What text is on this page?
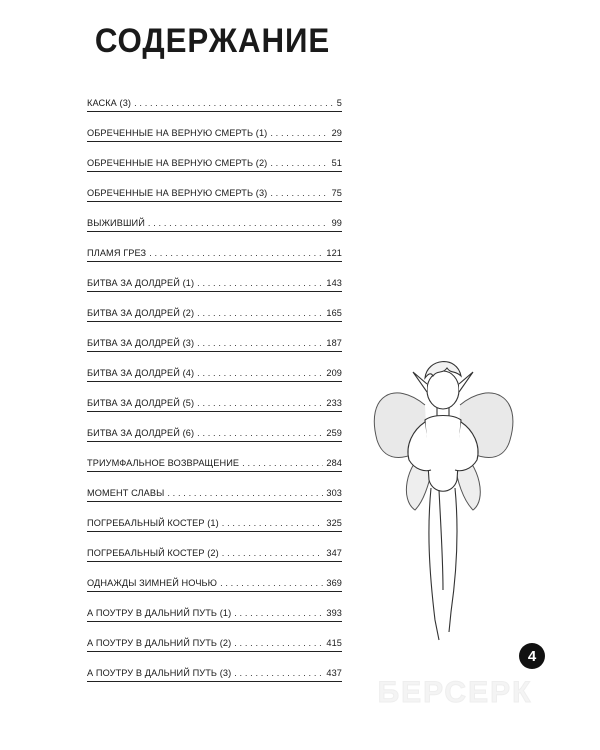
СОДЕРЖАНИЕ
КАСКА (3) . . .	5
ОБРЕЧЕННЫЕ НА ВЕРНУЮ СМЕРТЬ (1) . . .	29
ОБРЕЧЕННЫЕ НА ВЕРНУЮ СМЕРТЬ (2) . . .	51
ОБРЕЧЕННЫЕ НА ВЕРНУЮ СМЕРТЬ (3) . . .	75
ВЫЖИВШИЙ . . .	99
ПЛАМЯ ГРЕЗ . . .	121
БИТВА ЗА ДОЛДРЕЙ (1) . . .	143
БИТВА ЗА ДОЛДРЕЙ (2) . . .	165
БИТВА ЗА ДОЛДРЕЙ (3) . . .	187
БИТВА ЗА ДОЛДРЕЙ (4) . . .	209
БИТВА ЗА ДОЛДРЕЙ (5) . . .	233
БИТВА ЗА ДОЛДРЕЙ (6) . . .	259
ТРИУМФАЛЬНОЕ ВОЗВРАЩЕНИЕ . . .	284
МОМЕНТ СЛАВЫ . . .	303
ПОГРЕБАЛЬНЫЙ КОСТЕР (1) . . .	325
ПОГРЕБАЛЬНЫЙ КОСТЕР (2) . . .	347
ОДНАЖДЫ ЗИМНЕЙ НОЧЬЮ . . .	369
А ПОУТРУ В ДАЛЬНИЙ ПУТЬ (1) . . .	393
А ПОУТРУ В ДАЛЬНИЙ ПУТЬ (2) . . .	415
А ПОУТРУ В ДАЛЬНИЙ ПУТЬ (3) . . .	437
4
БЕРСЕРК
